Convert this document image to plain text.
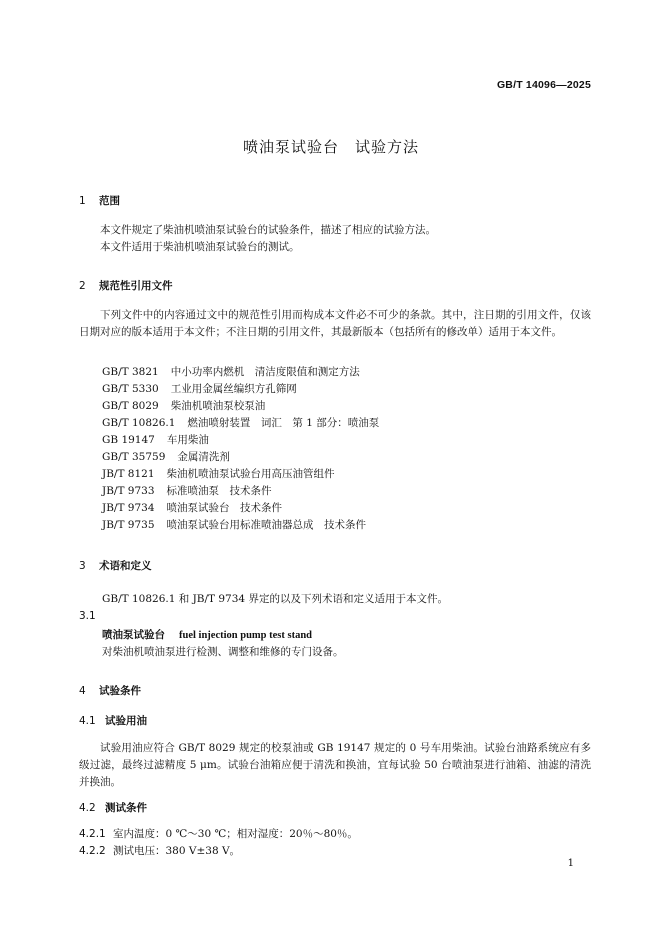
GB/T 14096—2025
喷油泵试验台　试验方法
1 范围
本文件规定了柴油机喷油泵试验台的试验条件，描述了相应的试验方法。
本文件适用于柴油机喷油泵试验台的测试。
2 规范性引用文件
下列文件中的内容通过文中的规范性引用而构成本文件必不可少的条款。其中，注日期的引用文件，仅该日期对应的版本适用于本文件；不注日期的引用文件，其最新版本（包括所有的修改单）适用于本文件。
GB/T 3821 中小功率内燃机　清洁度限值和测定方法
GB/T 5330 工业用金属丝编织方孔筛网
GB/T 8029 柴油机喷油泵校泵油
GB/T 10826.1 燃油喷射装置　词汇　第 1 部分：喷油泵
GB 19147 车用柴油
GB/T 35759 金属清洗剂
JB/T 8121 柴油机喷油泵试验台用高压油管组件
JB/T 9733 标准喷油泵　技术条件
JB/T 9734 喷油泵试验台　技术条件
JB/T 9735 喷油泵试验台用标准喷油器总成　技术条件
3 术语和定义
GB/T 10826.1 和 JB/T 9734 界定的以及下列术语和定义适用于本文件。
3.1
喷油泵试验台 fuel injection pump test stand
对柴油机喷油泵进行检测、调整和维修的专门设备。
4 试验条件
4.1 试验用油
试验用油应符合 GB/T 8029 规定的校泵油或 GB 19147 规定的 0 号车用柴油。试验台油路系统应有多级过滤，最终过滤精度 5 μm。试验台油箱应便于清洗和换油，宜每试验 50 台喷油泵进行油箱、油滤的清洗并换油。
4.2 测试条件
4.2.1 室内温度：0 ℃～30 ℃；相对湿度：20％～80％。
4.2.2 测试电压：380 V±38 V。
1
